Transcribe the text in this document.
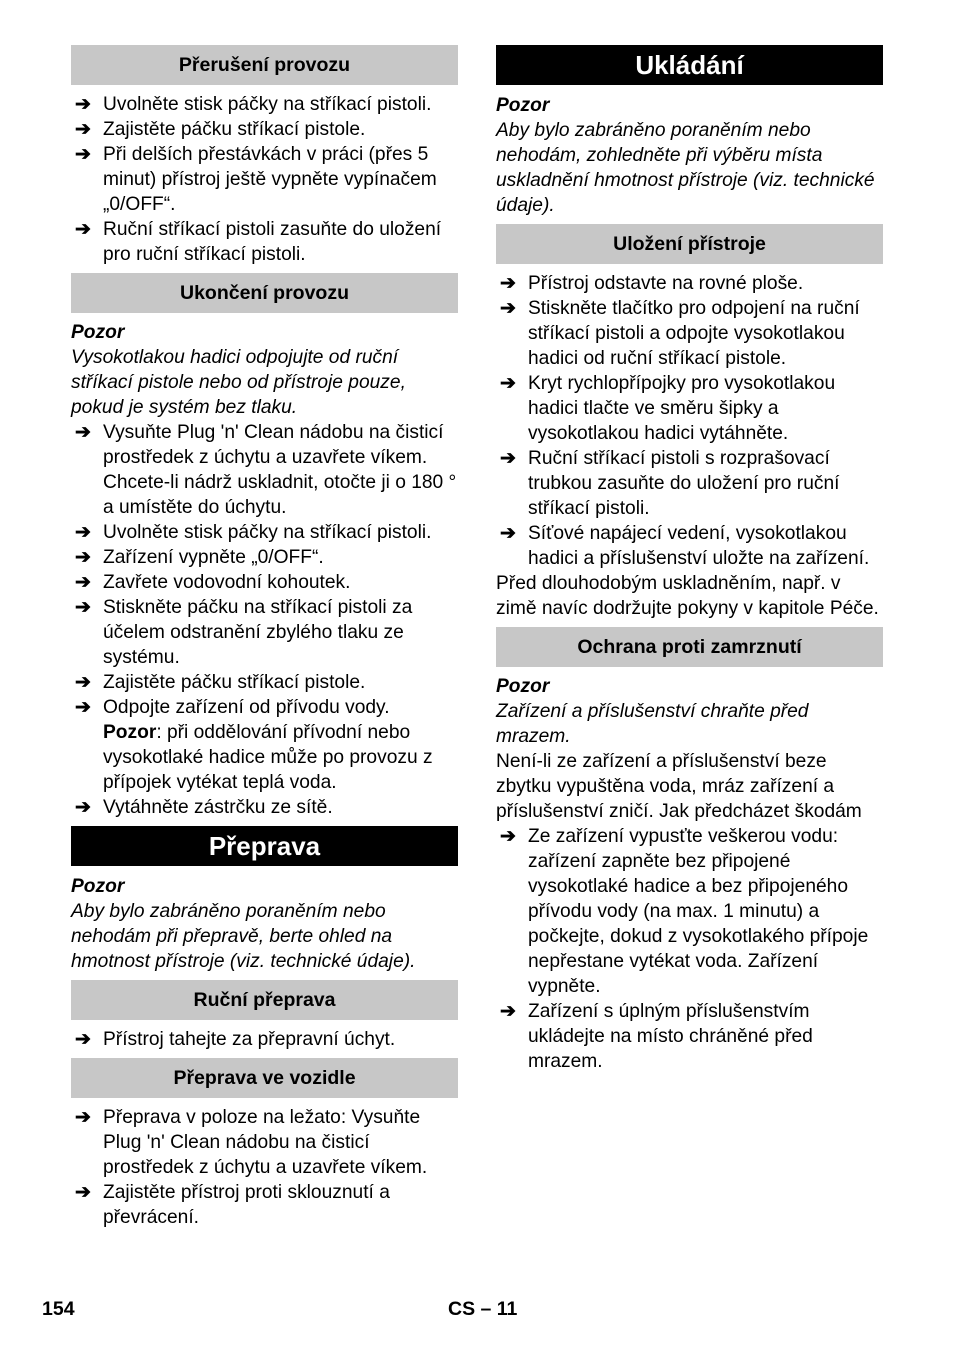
Přerušení provozu
➔ Uvolněte stisk páčky na stříkací pistoli.
➔ Zajistěte páčku stříkací pistole.
➔ Při delších přestávkách v práci (přes 5 minut) přístroj ještě vypněte vypínačem „0/OFF“.
➔ Ruční stříkací pistoli zasuňte do uložení pro ruční stříkací pistoli.
Ukončení provozu
Pozor
Vysokotlakou hadici odpojujte od ruční stříkací pistole nebo od přístroje pouze, pokud je systém bez tlaku.
➔ Vysuňte Plug 'n' Clean nádobu na čisticí prostředek z úchytu a uzavřete víkem. Chcete-li nádrž uskladnit, otočte ji o 180 ° a umístěte do úchytu.
➔ Uvolněte stisk páčky na stříkací pistoli.
➔ Zařízení vypněte „0/OFF“.
➔ Zavřete vodovodní kohoutek.
➔ Stiskněte páčku na stříkací pistoli za účelem odstranění zbylého tlaku ze systému.
➔ Zajistěte páčku stříkací pistole.
➔ Odpojte zařízení od přívodu vody.
Pozor: při oddělování přívodní nebo vysokotlaké hadice může po provozu z přípojek vytékat teplá voda.
➔ Vytáhněte zástrčku ze sítě.
Přeprava
Pozor
Aby bylo zabráněno poraněním nebo nehodám při přepravě, berte ohled na hmotnost přístroje (viz. technické údaje).
Ruční přeprava
➔ Přístroj tahejte za přepravní úchyt.
Přeprava ve vozidle
➔ Přeprava v poloze na ležato: Vysuňte Plug 'n' Clean nádobu na čisticí prostředek z úchytu a uzavřete víkem.
➔ Zajistěte přístroj proti sklouznutí a převrácení.
Ukládání
Pozor
Aby bylo zabráněno poraněním nebo nehodám, zohledněte při výběru místa uskladnění hmotnost přístroje (viz. technické údaje).
Uložení přístroje
➔ Přístroj odstavte na rovné ploše.
➔ Stiskněte tlačítko pro odpojení na ruční stříkací pistoli a odpojte vysokotlakou hadici od ruční stříkací pistole.
➔ Kryt rychlopřípojky pro vysokotlakou hadici tlačte ve směru šipky a vysokotlakou hadici vytáhněte.
➔ Ruční stříkací pistoli s rozprašovací trubkou zasuňte do uložení pro ruční stříkací pistoli.
➔ Síťové napájecí vedení, vysokotlakou hadici a příslušenství uložte na zařízení.
Před dlouhodobým uskladněním, např. v zimě navíc dodržujte pokyny v kapitole Péče.
Ochrana proti zamrznutí
Pozor
Zařízení a příslušenství chraňte před mrazem.
Není-li ze zařízení a příslušenství beze zbytku vypuštěna voda, mráz zařízení a příslušenství zničí. Jak předcházet škodám
➔ Ze zařízení vypusťte veškerou vodu: zařízení zapněte bez připojené vysokotlaké hadice a bez připojeného přívodu vody (na max. 1 minutu) a počkejte, dokud z vysokotlakého přípoje nepřestane vytékat voda. Zařízení vypněte.
➔ Zařízení s úplným příslušenstvím ukládejte na místo chráněné před mrazem.
154	CS – 11
